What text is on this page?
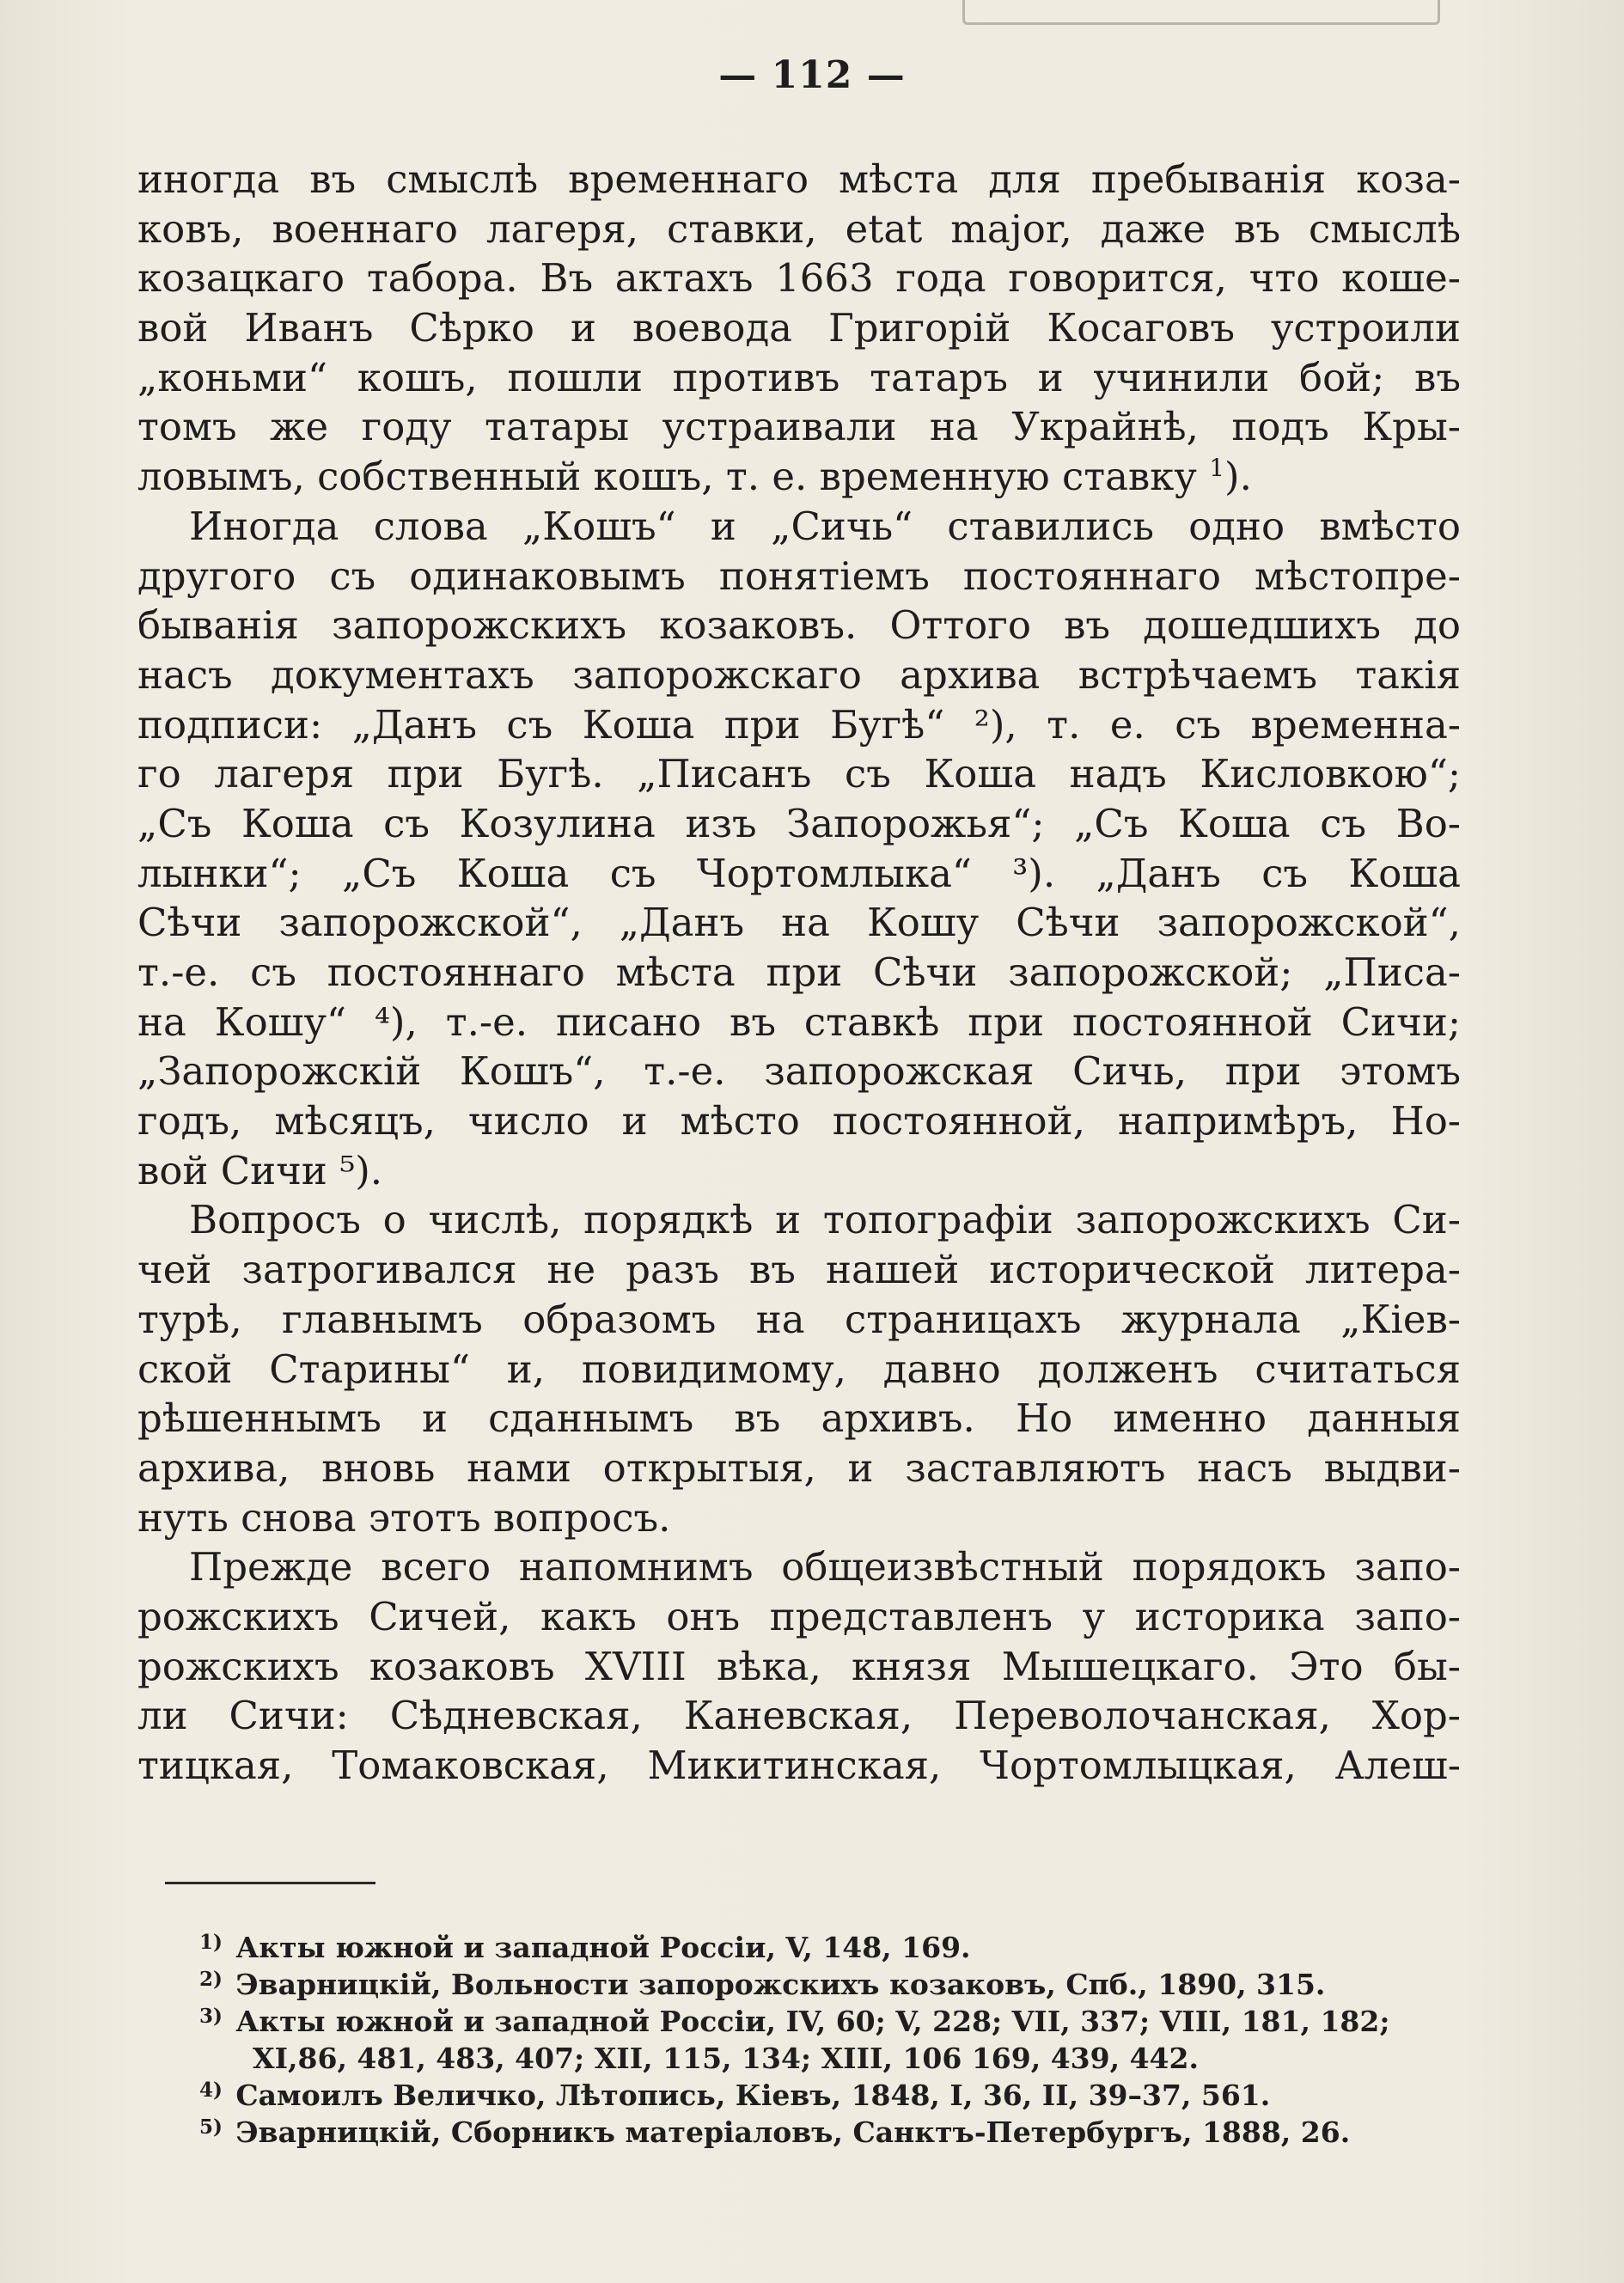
— 112 —
иногда въ смыслѣ временнаго мѣста для пребыванія коза-
ковъ, военнаго лагеря, ставки, etat major, даже въ смыслѣ
козацкаго табора. Въ актахъ 1663 года говорится, что коше-
вой Иванъ Сѣрко и воевода Григорій Косаговъ устроили
„коньми“ кошъ, пошли противъ татаръ и учинили бой; въ
томъ же году татары устраивали на Украйнѣ, подъ Кры-
ловымъ, собственный кошъ, т. е. временную ставку $^1$).
Иногда слова „Кошъ“ и „Сичь“ ставились одно вмѣсто
другого съ одинаковымъ понятіемъ постояннаго мѣстопре-
быванія запорожскихъ козаковъ. Оттого въ дошедшихъ до
насъ документахъ запорожскаго архива встрѣчаемъ такія
подписи: „Данъ съ Коша при Бугѣ“ ²), т. е. съ временна-
го лагеря при Бугѣ. „Писанъ съ Коша надъ Кисловкою“;
„Съ Коша съ Козулина изъ Запорожья“; „Съ Коша съ Во-
лынки“; „Съ Коша съ Чортомлыка“ ³). „Данъ съ Коша
Сѣчи запорожской“, „Данъ на Кошу Сѣчи запорожской“,
т.-е. съ постояннаго мѣста при Сѣчи запорожской; „Писа-
на Кошу“ ⁴), т.-е. писано въ ставкѣ при постоянной Сичи;
„Запорожскій Кошъ“, т.-е. запорожская Сичь, при этомъ
годъ, мѣсяцъ, число и мѣсто постоянной, напримѣръ, Но-
вой Сичи ⁵).
Вопросъ о числѣ, порядкѣ и топографіи запорожскихъ Си-
чей затрогивался не разъ въ нашей исторической литера-
турѣ, главнымъ образомъ на страницахъ журнала „Кіев-
ской Старины“ и, повидимому, давно долженъ считаться
рѣшеннымъ и сданнымъ въ архивъ. Но именно данныя
архива, вновь нами открытыя, и заставляютъ насъ выдви-
нуть снова этотъ вопросъ.
Прежде всего напомнимъ общеизвѣстный порядокъ запо-
рожскихъ Сичей, какъ онъ представленъ у историка запо-
рожскихъ козаковъ XVIII вѣка, князя Мышецкаго. Это бы-
ли Сичи: Сѣдневская, Каневская, Переволочанская, Хор-
тицкая, Томаковская, Микитинская, Чортомлыцкая, Алеш-
$^{1)}$ Акты южной и западной Россіи, V, 148, 169.
$^{2)}$ Эварницкій, Вольности запорожскихъ козаковъ, Спб., 1890, 315.
$^{3)}$ Акты южной и западной Россіи, IV, 60; V, 228; VII, 337; VIII, 181, 182;
XI,86, 481, 483, 407; XII, 115, 134; XIII, 106 169, 439, 442.
$^{4)}$ Самоилъ Величко, Лѣтопись, Кіевъ, 1848, I, 36, II, 39–37, 561.
$^{5)}$ Эварницкій, Сборникъ матеріаловъ, Санктъ-Петербургъ, 1888, 26.
